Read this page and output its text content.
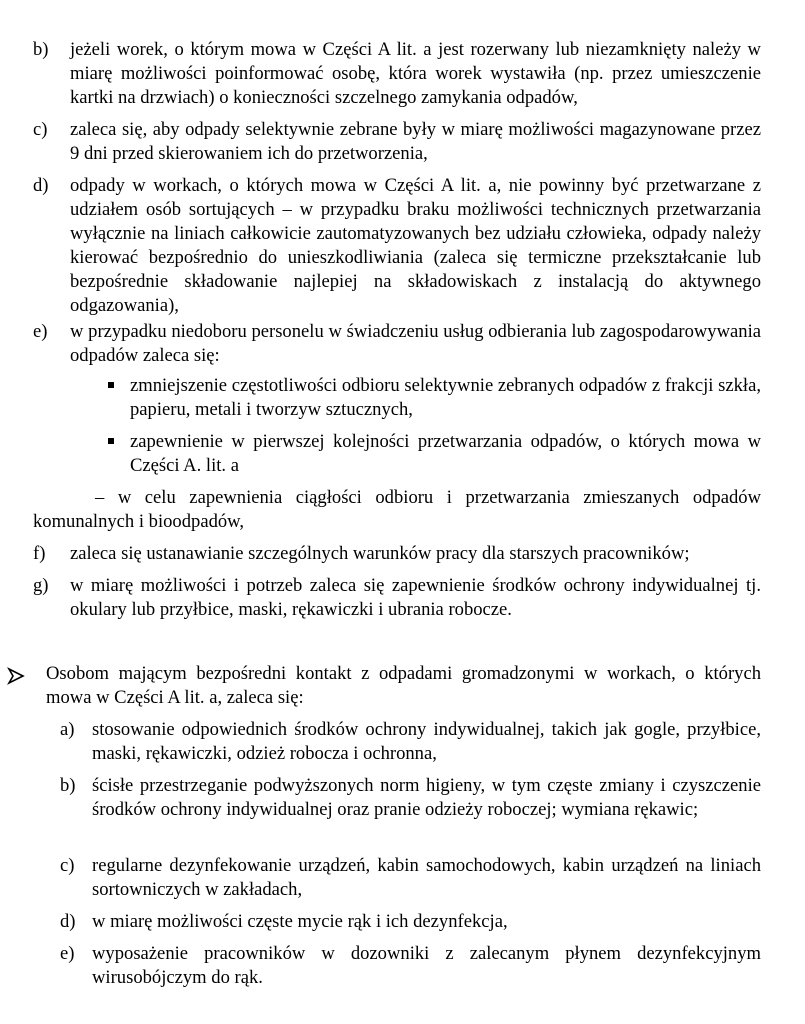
b) jeżeli worek, o którym mowa w Części A lit. a jest rozerwany lub niezamknięty należy w miarę możliwości poinformować osobę, która worek wystawiła (np. przez umieszczenie kartki na drzwiach) o konieczności szczelnego zamykania odpadów,
c) zaleca się, aby odpady selektywnie zebrane były w miarę możliwości magazynowane przez 9 dni przed skierowaniem ich do przetworzenia,
d) odpady w workach, o których mowa w Części A lit. a, nie powinny być przetwarzane z udziałem osób sortujących – w przypadku braku możliwości technicznych przetwarzania wyłącznie na liniach całkowicie zautomatyzowanych bez udziału człowieka, odpady należy kierować bezpośrednio do unieszkodliwiania (zaleca się termiczne przekształcanie lub bezpośrednie składowanie najlepiej na składowiskach z instalacją do aktywnego odgazowania),
e) w przypadku niedoboru personelu w świadczeniu usług odbierania lub zagospodarowywania odpadów zaleca się:
zmniejszenie częstotliwości odbioru selektywnie zebranych odpadów z frakcji szkła, papieru, metali i tworzyw sztucznych,
zapewnienie w pierwszej kolejności przetwarzania odpadów, o których mowa w Części A. lit. a
– w celu zapewnienia ciągłości odbioru i przetwarzania zmieszanych odpadów komunalnych i bioodpadów,
f) zaleca się ustanawianie szczególnych warunków pracy dla starszych pracowników;
g) w miarę możliwości i potrzeb zaleca się zapewnienie środków ochrony indywidualnej tj. okulary lub przyłbice, maski, rękawiczki i ubrania robocze.
Osobom mającym bezpośredni kontakt z odpadami gromadzonymi w workach, o których mowa w Części A lit. a, zaleca się:
a) stosowanie odpowiednich środków ochrony indywidualnej, takich jak gogle, przyłbice, maski, rękawiczki, odzież robocza i ochronna,
b) ścisłe przestrzeganie podwyższonych norm higieny, w tym częste zmiany i czyszczenie środków ochrony indywidualnej oraz pranie odzieży roboczej; wymiana rękawic;
c) regularne dezynfekowanie urządzeń, kabin samochodowych, kabin urządzeń na liniach sortowniczych w zakładach,
d) w miarę możliwości częste mycie rąk i ich dezynfekcja,
e) wyposażenie pracowników w dozowniki z zalecanym płynem dezynfekcyjnym wirusobójczym do rąk.
